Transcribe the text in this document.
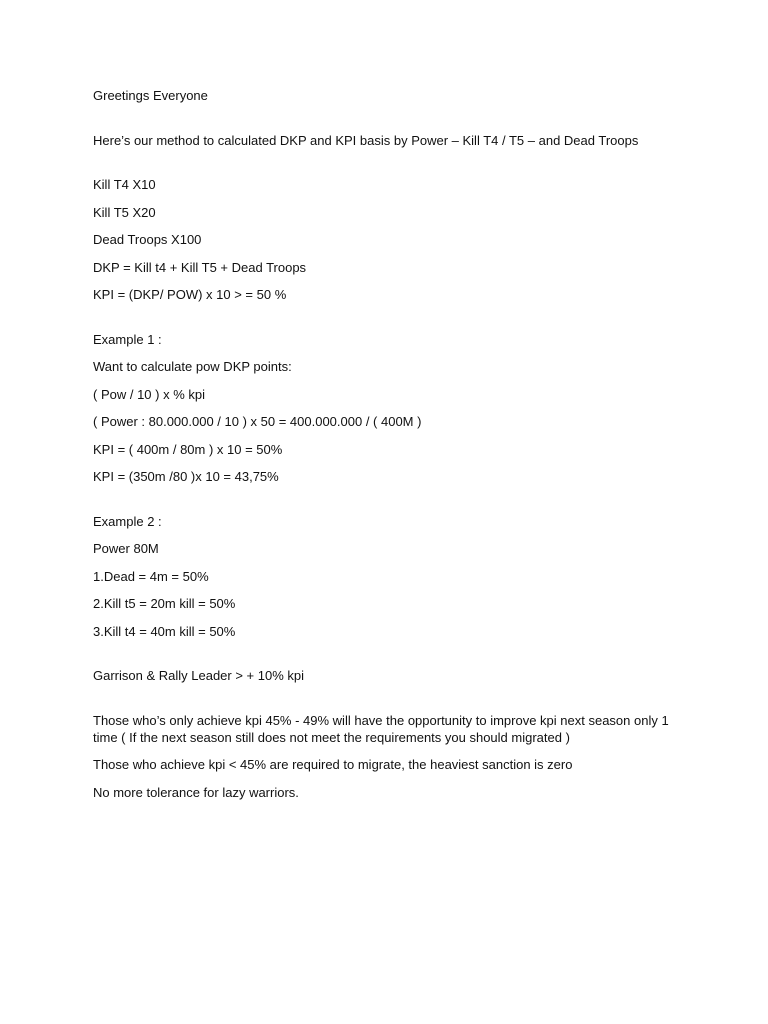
Greetings Everyone
Here’s our method to calculated DKP and KPI basis by Power – Kill T4 / T5 – and Dead Troops
Kill T4 X10
Kill T5 X20
Dead Troops X100
DKP = Kill t4 + Kill T5 + Dead Troops
KPI = (DKP/ POW) x 10 > = 50 %
Example 1 :
Want to calculate pow DKP points:
( Pow / 10 ) x % kpi
( Power : 80.000.000 / 10 ) x 50 = 400.000.000 / ( 400M )
KPI = ( 400m / 80m ) x 10 = 50%
KPI = (350m /80 )x 10 = 43,75%
Example 2 :
Power 80M
1.Dead = 4m = 50%
2.Kill t5 = 20m kill = 50%
3.Kill t4 = 40m kill = 50%
Garrison & Rally Leader > + 10% kpi
Those who’s only achieve kpi 45% - 49% will have the opportunity to improve kpi next season only 1 time ( If the next season still does not meet the requirements you should migrated )
Those who achieve kpi < 45% are required to migrate, the heaviest sanction is zero
No more tolerance for lazy warriors.
